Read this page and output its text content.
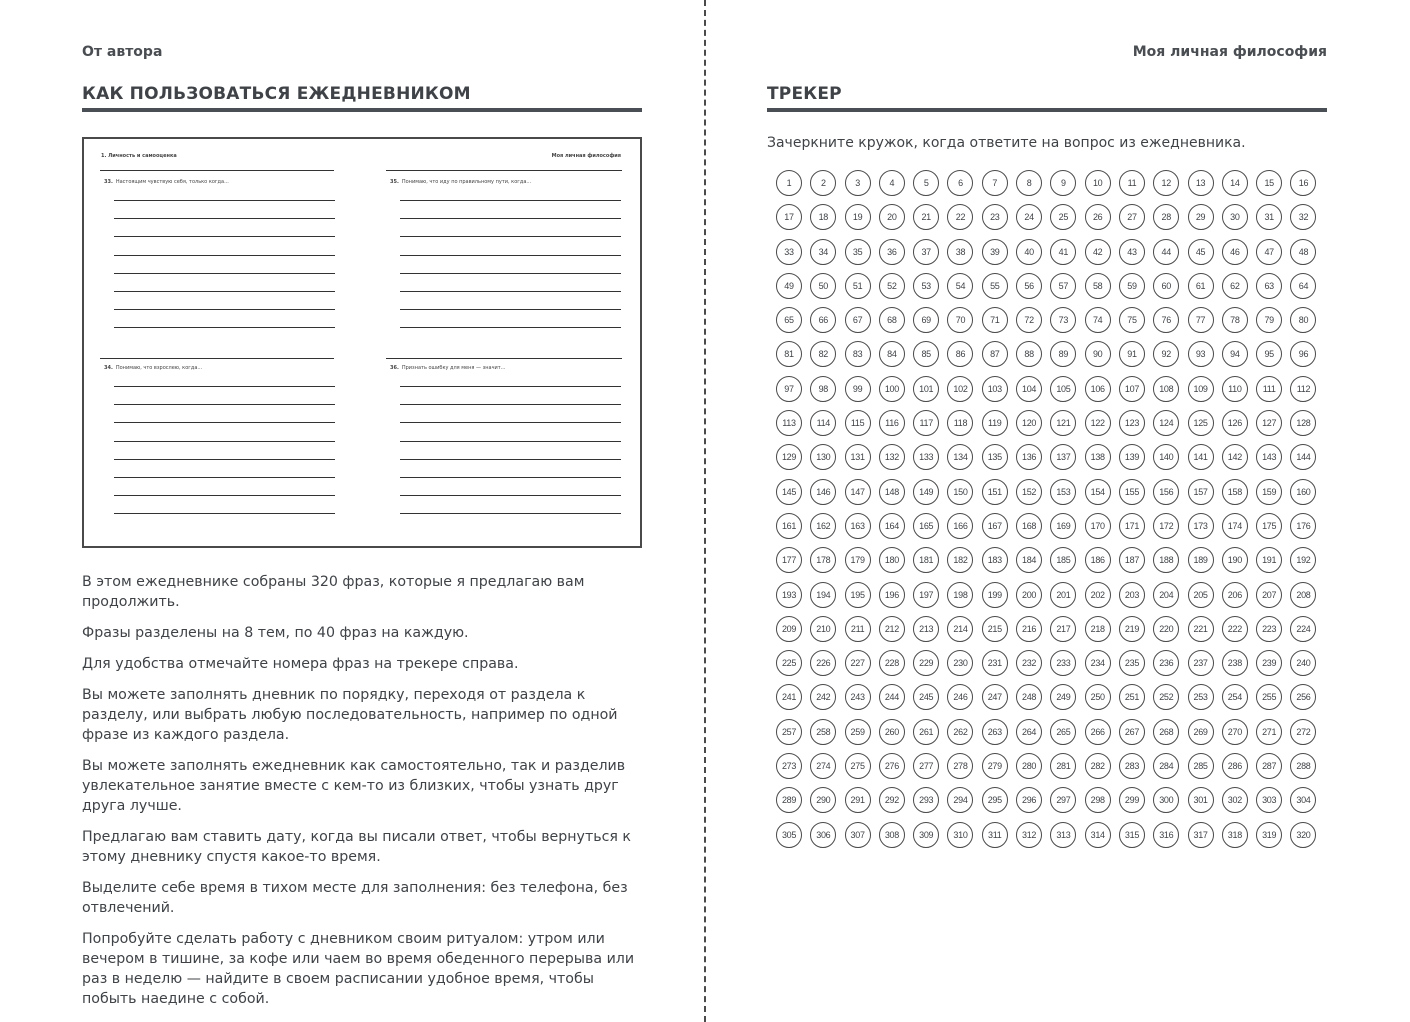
От автора
КАК ПОЛЬЗОВАТЬСЯ ЕЖЕДНЕВНИКОМ
1. Личность и самооценка	Моя личная философия
33. Настоящим чувствую себя, только когда...	35. Понимаю, что иду по правильному пути, когда...
34. Понимаю, что взрослею, когда...	36. Признать ошибку для меня — значит...

В этом ежедневнике собраны 320 фраз, которые я предлагаю вам продолжить.

Фразы разделены на 8 тем, по 40 фраз на каждую.

Для удобства отмечайте номера фраз на трекере справа.

Вы можете заполнять дневник по порядку, переходя от раздела к разделу, или выбрать любую последовательность, например по одной фразе из каждого раздела.

Вы можете заполнять ежедневник как самостоятельно, так и разделив увлекательное занятие вместе с кем-то из близких, чтобы узнать друг друга лучше.

Предлагаю вам ставить дату, когда вы писали ответ, чтобы вернуться к этому дневнику спустя какое-то время.

Выделите себе время в тихом месте для заполнения: без телефона, без отвлечений.

Попробуйте сделать работу с дневником своим ритуалом: утром или вечером в тишине, за кофе или чаем во время обеденного перерыва или раз в неделю — найдите в своем расписании удобное время, чтобы побыть наедине с собой.

Моя личная философия
ТРЕКЕР
Зачеркните кружок, когда ответите на вопрос из ежедневника.
1	2	3	4	5	6	7	8	9	10	11	12	13	14	15	16
17	18	19	20	21	22	23	24	25	26	27	28	29	30	31	32
33	34	35	36	37	38	39	40	41	42	43	44	45	46	47	48
49	50	51	52	53	54	55	56	57	58	59	60	61	62	63	64
65	66	67	68	69	70	71	72	73	74	75	76	77	78	79	80
81	82	83	84	85	86	87	88	89	90	91	92	93	94	95	96
97	98	99	100	101	102	103	104	105	106	107	108	109	110	111	112
113	114	115	116	117	118	119	120	121	122	123	124	125	126	127	128
129	130	131	132	133	134	135	136	137	138	139	140	141	142	143	144
145	146	147	148	149	150	151	152	153	154	155	156	157	158	159	160
161	162	163	164	165	166	167	168	169	170	171	172	173	174	175	176
177	178	179	180	181	182	183	184	185	186	187	188	189	190	191	192
193	194	195	196	197	198	199	200	201	202	203	204	205	206	207	208
209	210	211	212	213	214	215	216	217	218	219	220	221	222	223	224
225	226	227	228	229	230	231	232	233	234	235	236	237	238	239	240
241	242	243	244	245	246	247	248	249	250	251	252	253	254	255	256
257	258	259	260	261	262	263	264	265	266	267	268	269	270	271	272
273	274	275	276	277	278	279	280	281	282	283	284	285	286	287	288
289	290	291	292	293	294	295	296	297	298	299	300	301	302	303	304
305	306	307	308	309	310	311	312	313	314	315	316	317	318	319	320
